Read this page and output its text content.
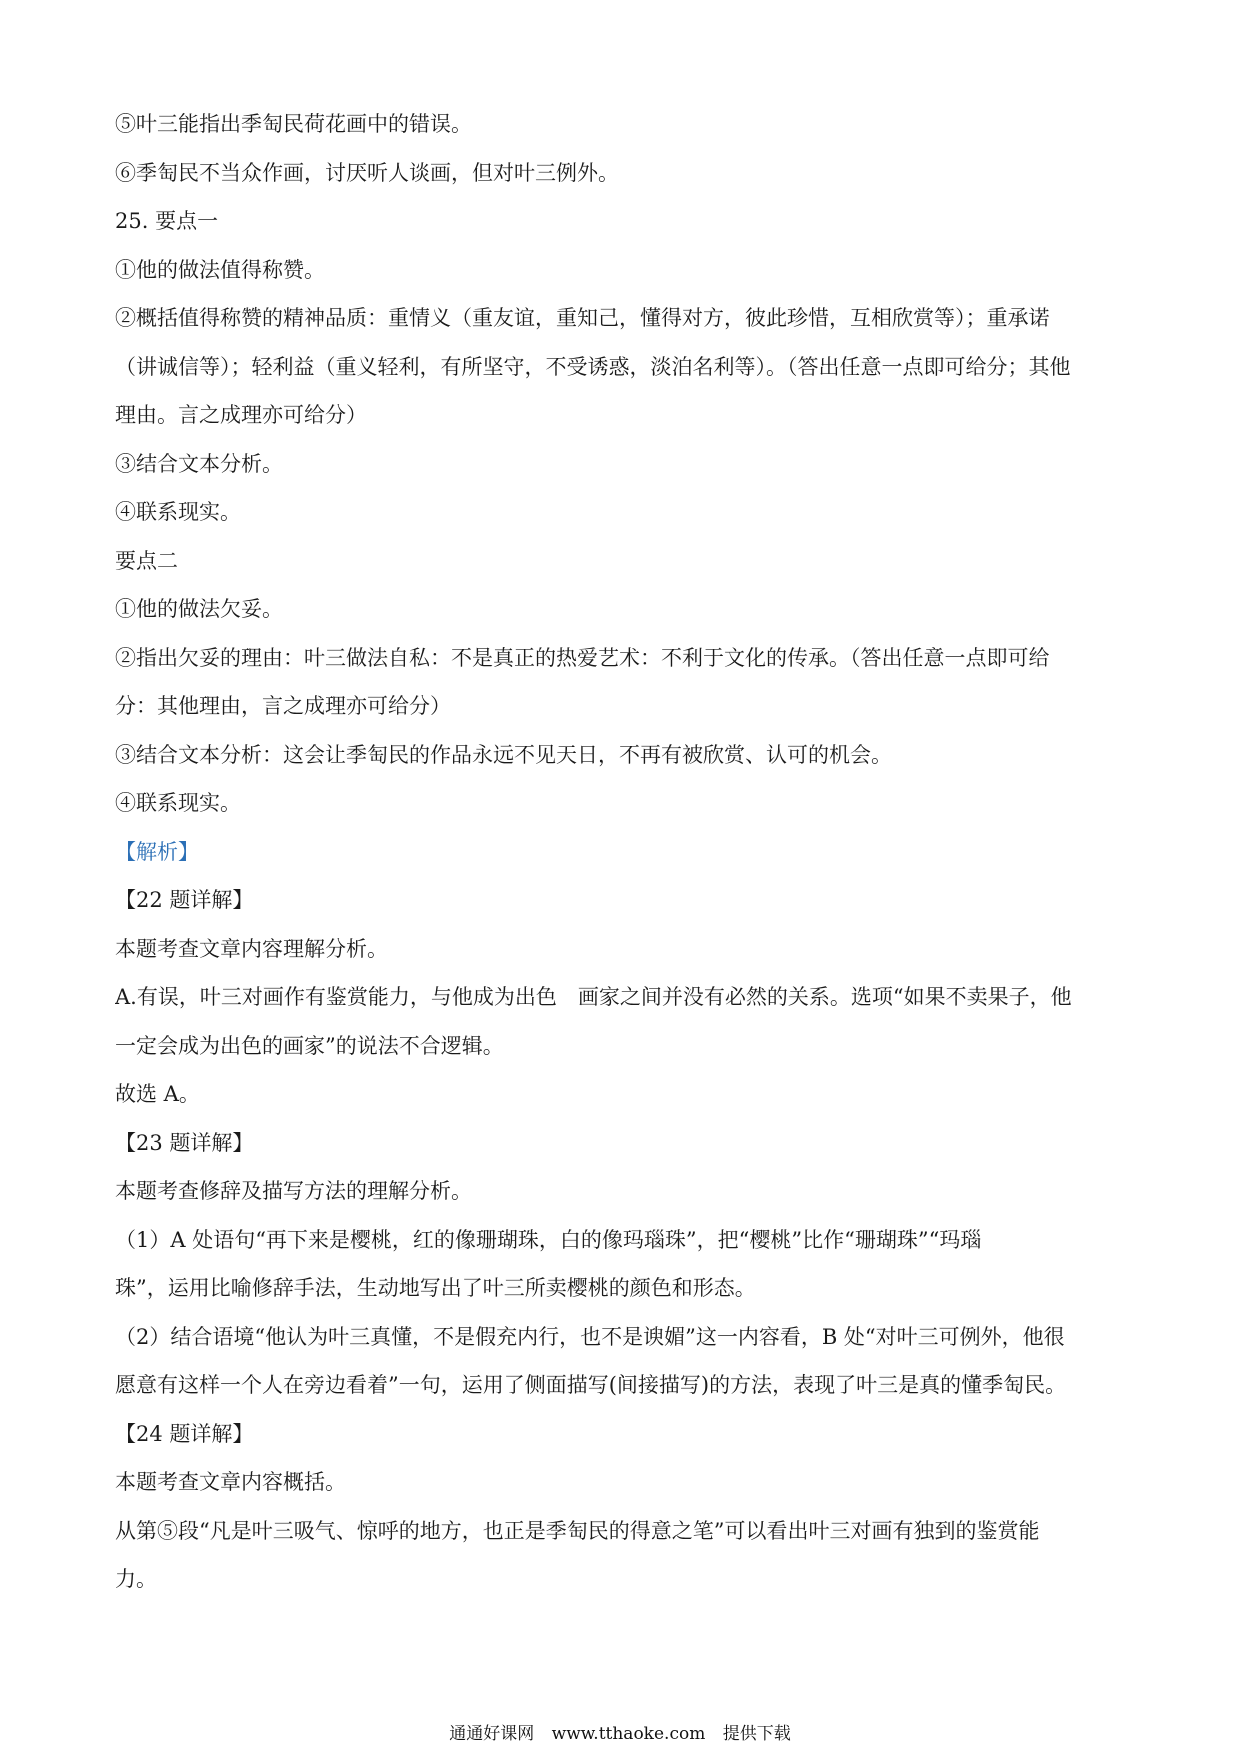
⑤叶三能指出季匋民荷花画中的错误。
⑥季匋民不当众作画，讨厌听人谈画，但对叶三例外。
25. 要点一
①他的做法值得称赞。
②概括值得称赞的精神品质：重情义（重友谊，重知己，懂得对方，彼此珍惜，互相欣赏等）；重承诺
（讲诚信等）；轻利益（重义轻利，有所坚守，不受诱惑，淡泊名利等）。（答出任意一点即可给分；其他
理由。言之成理亦可给分）
③结合文本分析。
④联系现实。
要点二
①他的做法欠妥。
②指出欠妥的理由：叶三做法自私：不是真正的热爱艺术：不利于文化的传承。（答出任意一点即可给
分：其他理由，言之成理亦可给分）
③结合文本分析：这会让季匋民的作品永远不见天日，不再有被欣赏、认可的机会。
④联系现实。
【解析】
【22 题详解】
本题考查文章内容理解分析。
A.有误，叶三对画作有鉴赏能力，与他成为出色　画家之间并没有必然的关系。选项“如果不卖果子，他
一定会成为出色的画家”的说法不合逻辑。
故选 A。
【23 题详解】
本题考查修辞及描写方法的理解分析。
（1）A 处语句“再下来是樱桃，红的像珊瑚珠，白的像玛瑙珠”，把“樱桃”比作“珊瑚珠”“玛瑙
珠”，运用比喻修辞手法，生动地写出了叶三所卖樱桃的颜色和形态。
（2）结合语境“他认为叶三真懂，不是假充内行，也不是谀媚”这一内容看，B 处“对叶三可例外，他很
愿意有这样一个人在旁边看着”一句，运用了侧面描写(间接描写)的方法，表现了叶三是真的懂季匋民。
【24 题详解】
本题考查文章内容概括。
从第⑤段“凡是叶三吸气、惊呼的地方，也正是季匋民的得意之笔”可以看出叶三对画有独到的鉴赏能
力。
通通好课网 www.tthaoke.com 提供下载
